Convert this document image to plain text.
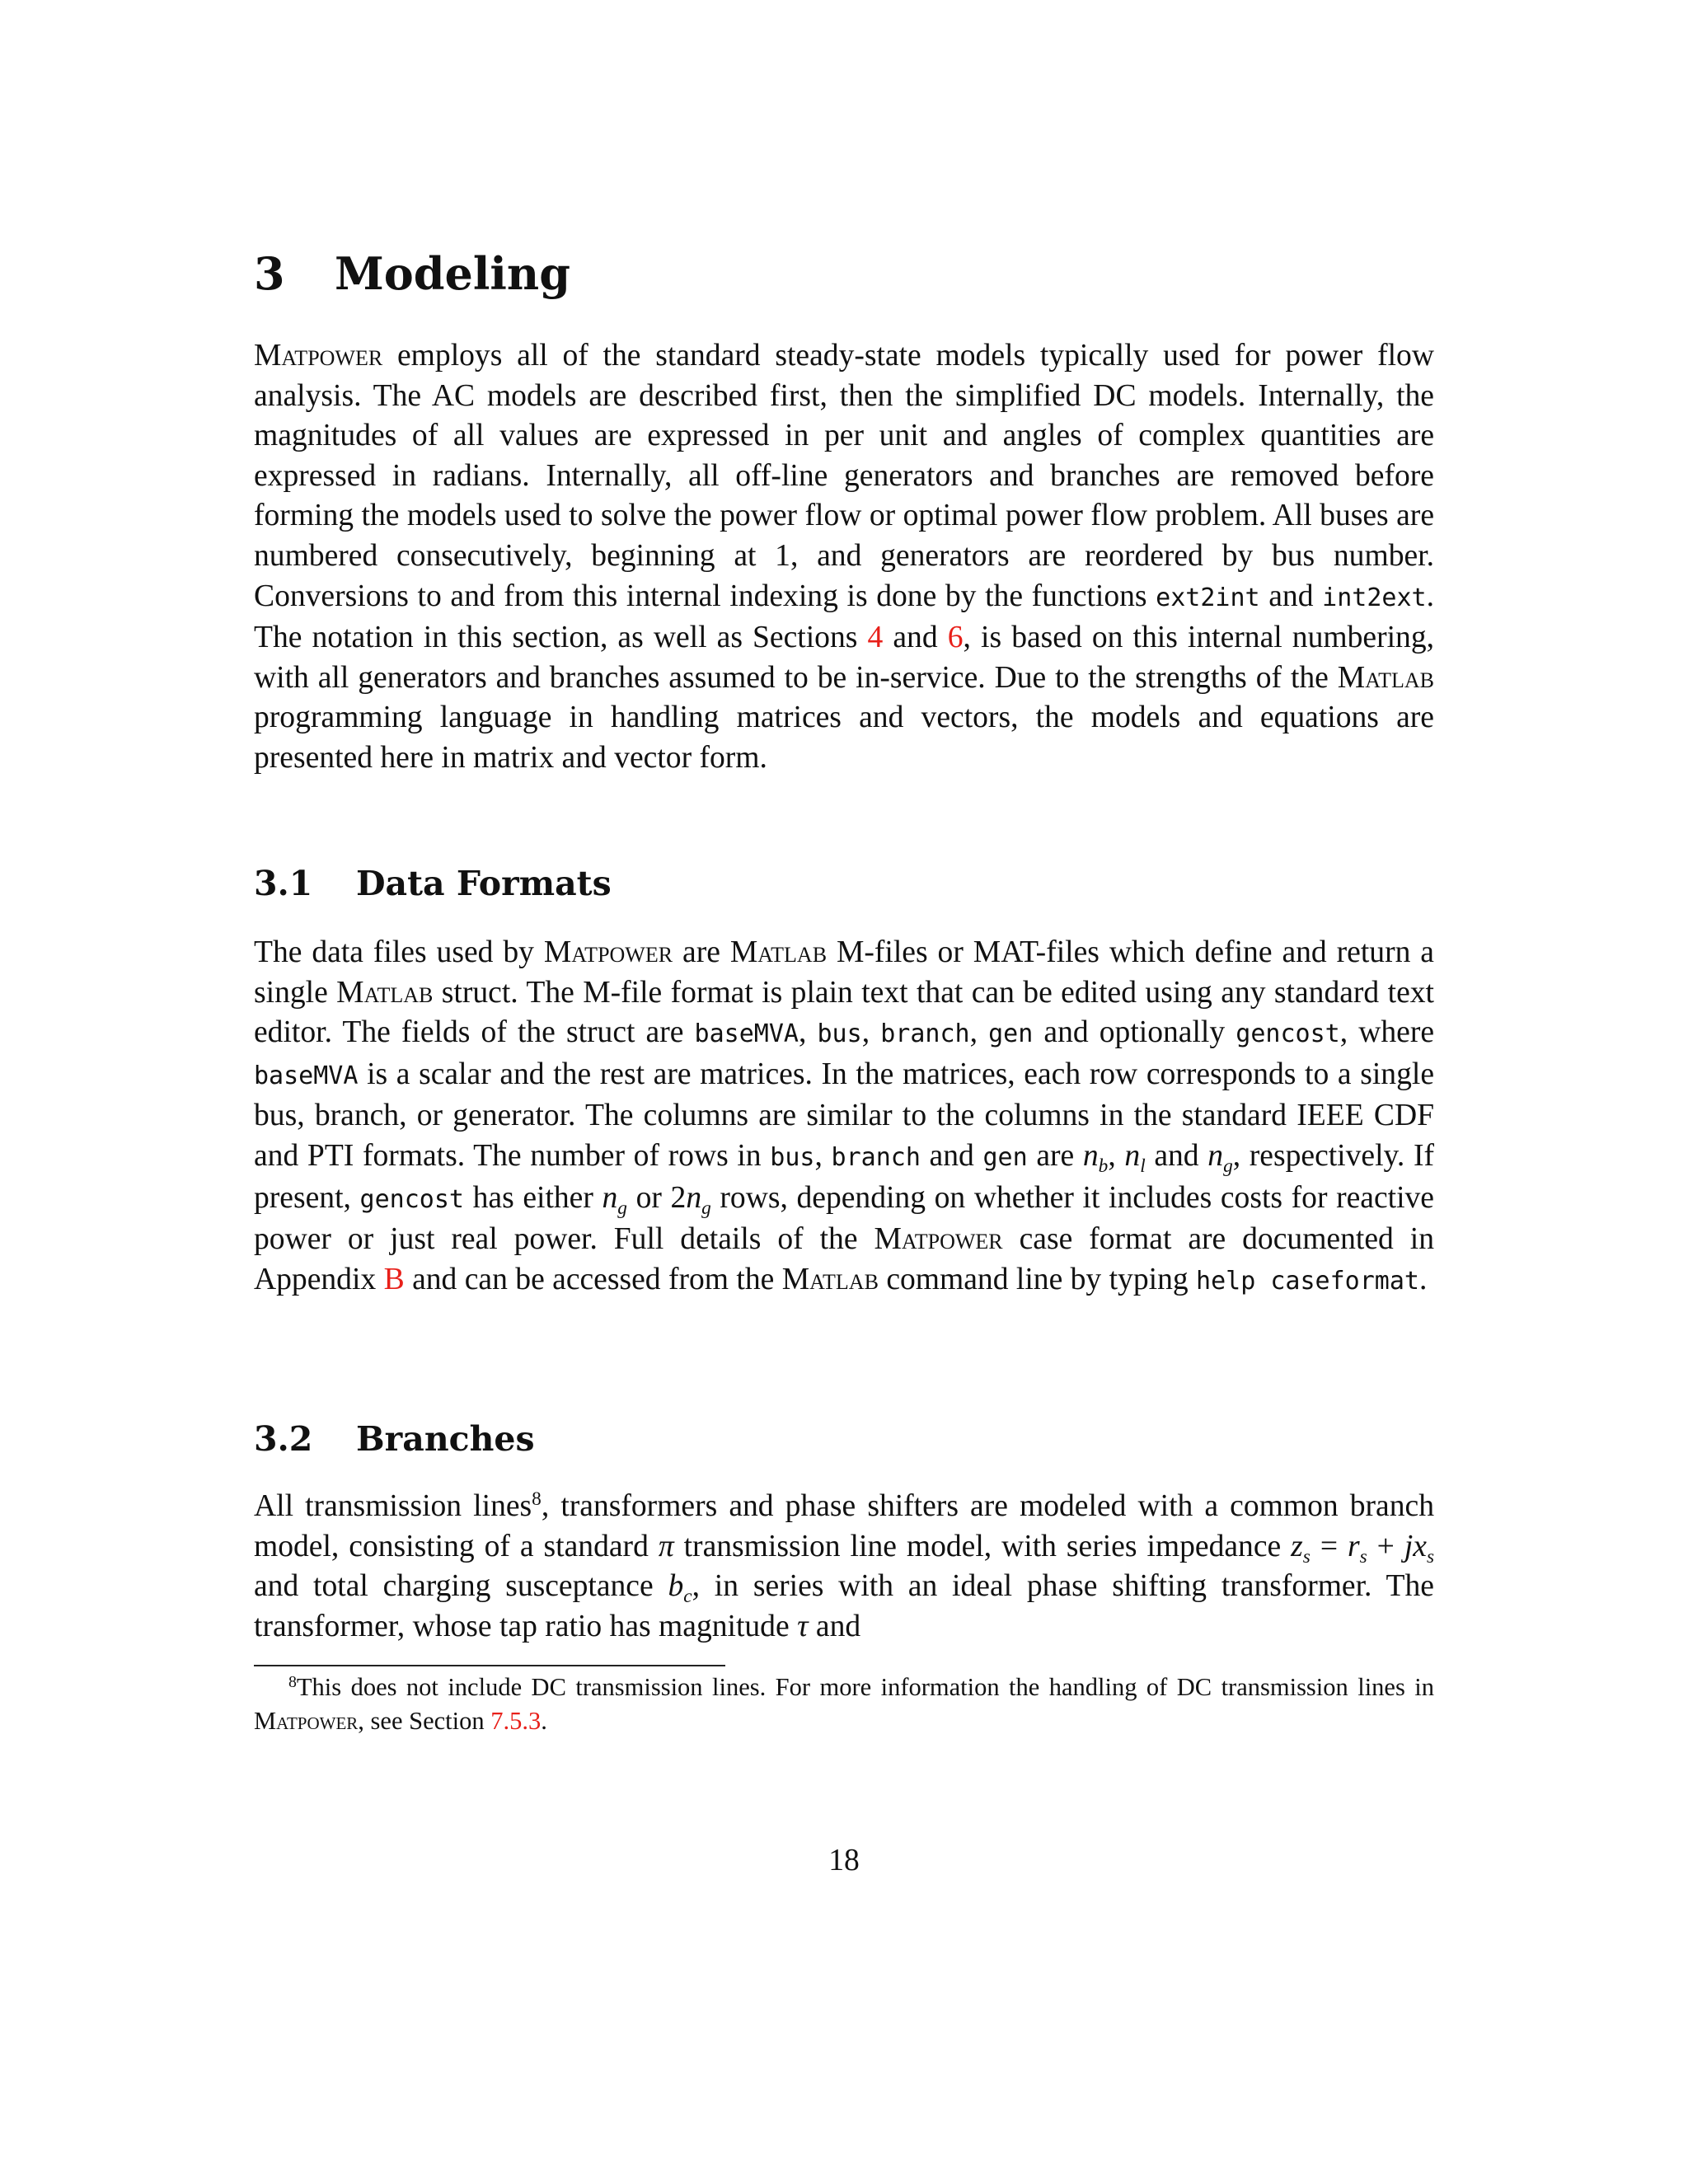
3 Modeling

Matpower employs all of the standard steady-state models typically used for power flow analysis. The AC models are described first, then the simplified DC models. Internally, the magnitudes of all values are expressed in per unit and angles of complex quantities are expressed in radians. Internally, all off-line generators and branches are removed before forming the models used to solve the power flow or optimal power flow problem. All buses are numbered consecutively, beginning at 1, and generators are reordered by bus number. Conversions to and from this internal indexing is done by the functions ext2int and int2ext. The notation in this section, as well as Sections 4 and 6, is based on this internal numbering, with all generators and branches assumed to be in-service. Due to the strengths of the Matlab programming language in handling matrices and vectors, the models and equations are presented here in matrix and vector form.

3.1 Data Formats

The data files used by Matpower are Matlab M-files or MAT-files which define and return a single Matlab struct. The M-file format is plain text that can be edited using any standard text editor. The fields of the struct are baseMVA, bus, branch, gen and optionally gencost, where baseMVA is a scalar and the rest are matrices. In the matrices, each row corresponds to a single bus, branch, or generator. The columns are similar to the columns in the standard IEEE CDF and PTI formats. The number of rows in bus, branch and gen are $n_b$, $n_l$ and $n_g$, respectively. If present, gencost has either $n_g$ or $2n_g$ rows, depending on whether it includes costs for reactive power or just real power. Full details of the Matpower case format are documented in Appendix B and can be accessed from the Matlab command line by typing help caseformat.

3.2 Branches

All transmission lines$^8$, transformers and phase shifters are modeled with a common branch model, consisting of a standard π transmission line model, with series impedance $z_s = r_s + jx_s$ and total charging susceptance $b_c$, in series with an ideal phase shifting transformer. The transformer, whose tap ratio has magnitude τ and

$^8$This does not include DC transmission lines. For more information the handling of DC transmission lines in Matpower, see Section 7.5.3.

18
